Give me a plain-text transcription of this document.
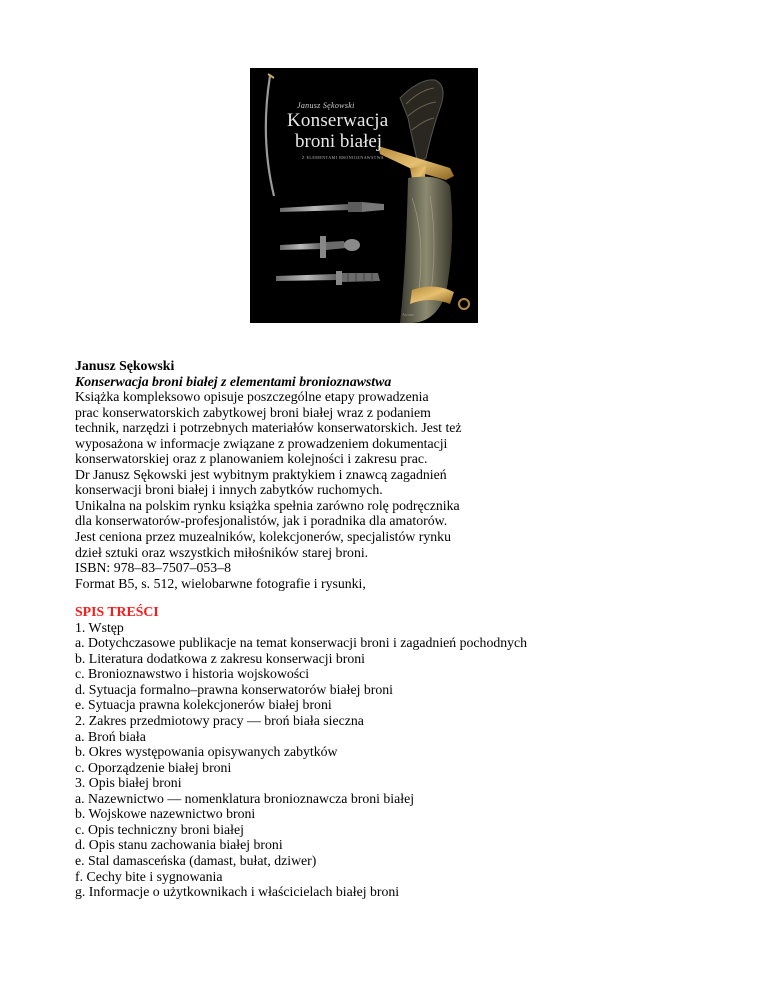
Janusz Sękowski
Konserwacja
broni białej
Z ELEMENTAMI BRONIOZNAWSTWA
Arcana
Janusz Sękowski
Konserwacja broni białej z elementami bronioznawstwa
Książka kompleksowo opisuje poszczególne etapy prowadzenia
prac konserwatorskich zabytkowej broni białej wraz z podaniem
technik, narzędzi i potrzebnych materiałów konserwatorskich. Jest też
wyposażona w informacje związane z prowadzeniem dokumentacji
konserwatorskiej oraz z planowaniem kolejności i zakresu prac.
Dr Janusz Sękowski jest wybitnym praktykiem i znawcą zagadnień
konserwacji broni białej i innych zabytków ruchomych.
Unikalna na polskim rynku książka spełnia zarówno rolę podręcznika
dla konserwatorów-profesjonalistów, jak i poradnika dla amatorów.
Jest ceniona przez muzealników, kolekcjonerów, specjalistów rynku
dzieł sztuki oraz wszystkich miłośników starej broni.
ISBN: 978–83–7507–053–8
Format B5, s. 512, wielobarwne fotografie i rysunki,
SPIS TREŚCI
1. Wstęp
a. Dotychczasowe publikacje na temat konserwacji broni i zagadnień pochodnych
b. Literatura dodatkowa z zakresu konserwacji broni
c. Bronioznawstwo i historia wojskowości
d. Sytuacja formalno–prawna konserwatorów białej broni
e. Sytuacja prawna kolekcjonerów białej broni
2. Zakres przedmiotowy pracy — broń biała sieczna
a. Broń biała
b. Okres występowania opisywanych zabytków
c. Oporządzenie białej broni
3. Opis białej broni
a. Nazewnictwo — nomenklatura bronioznawcza broni białej
b. Wojskowe nazewnictwo broni
c. Opis techniczny broni białej
d. Opis stanu zachowania białej broni
e. Stal damasceńska (damast, bułat, dziwer)
f. Cechy bite i sygnowania
g. Informacje o użytkownikach i właścicielach białej broni
